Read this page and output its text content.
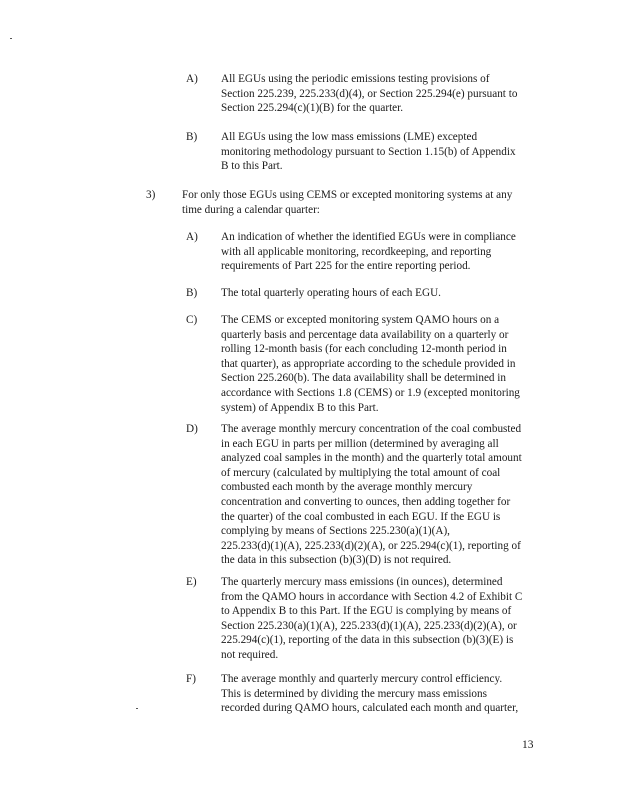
A) All EGUs using the periodic emissions testing provisions of
Section 225.239, 225.233(d)(4), or Section 225.294(e) pursuant to
Section 225.294(c)(1)(B) for the quarter.
B) All EGUs using the low mass emissions (LME) excepted
monitoring methodology pursuant to Section 1.15(b) of Appendix
B to this Part.
3) For only those EGUs using CEMS or excepted monitoring systems at any
time during a calendar quarter:
A) An indication of whether the identified EGUs were in compliance
with all applicable monitoring, recordkeeping, and reporting
requirements of Part 225 for the entire reporting period.
B) The total quarterly operating hours of each EGU.
C) The CEMS or excepted monitoring system QAMO hours on a
quarterly basis and percentage data availability on a quarterly or
rolling 12-month basis (for each concluding 12-month period in
that quarter), as appropriate according to the schedule provided in
Section 225.260(b). The data availability shall be determined in
accordance with Sections 1.8 (CEMS) or 1.9 (excepted monitoring
system) of Appendix B to this Part.
D) The average monthly mercury concentration of the coal combusted
in each EGU in parts per million (determined by averaging all
analyzed coal samples in the month) and the quarterly total amount
of mercury (calculated by multiplying the total amount of coal
combusted each month by the average monthly mercury
concentration and converting to ounces, then adding together for
the quarter) of the coal combusted in each EGU. If the EGU is
complying by means of Sections 225.230(a)(1)(A),
225.233(d)(1)(A), 225.233(d)(2)(A), or 225.294(c)(1), reporting of
the data in this subsection (b)(3)(D) is not required.
E) The quarterly mercury mass emissions (in ounces), determined
from the QAMO hours in accordance with Section 4.2 of Exhibit C
to Appendix B to this Part. If the EGU is complying by means of
Section 225.230(a)(1)(A), 225.233(d)(1)(A), 225.233(d)(2)(A), or
225.294(c)(1), reporting of the data in this subsection (b)(3)(E) is
not required.
F) The average monthly and quarterly mercury control efficiency.
This is determined by dividing the mercury mass emissions
recorded during QAMO hours, calculated each month and quarter,
13
